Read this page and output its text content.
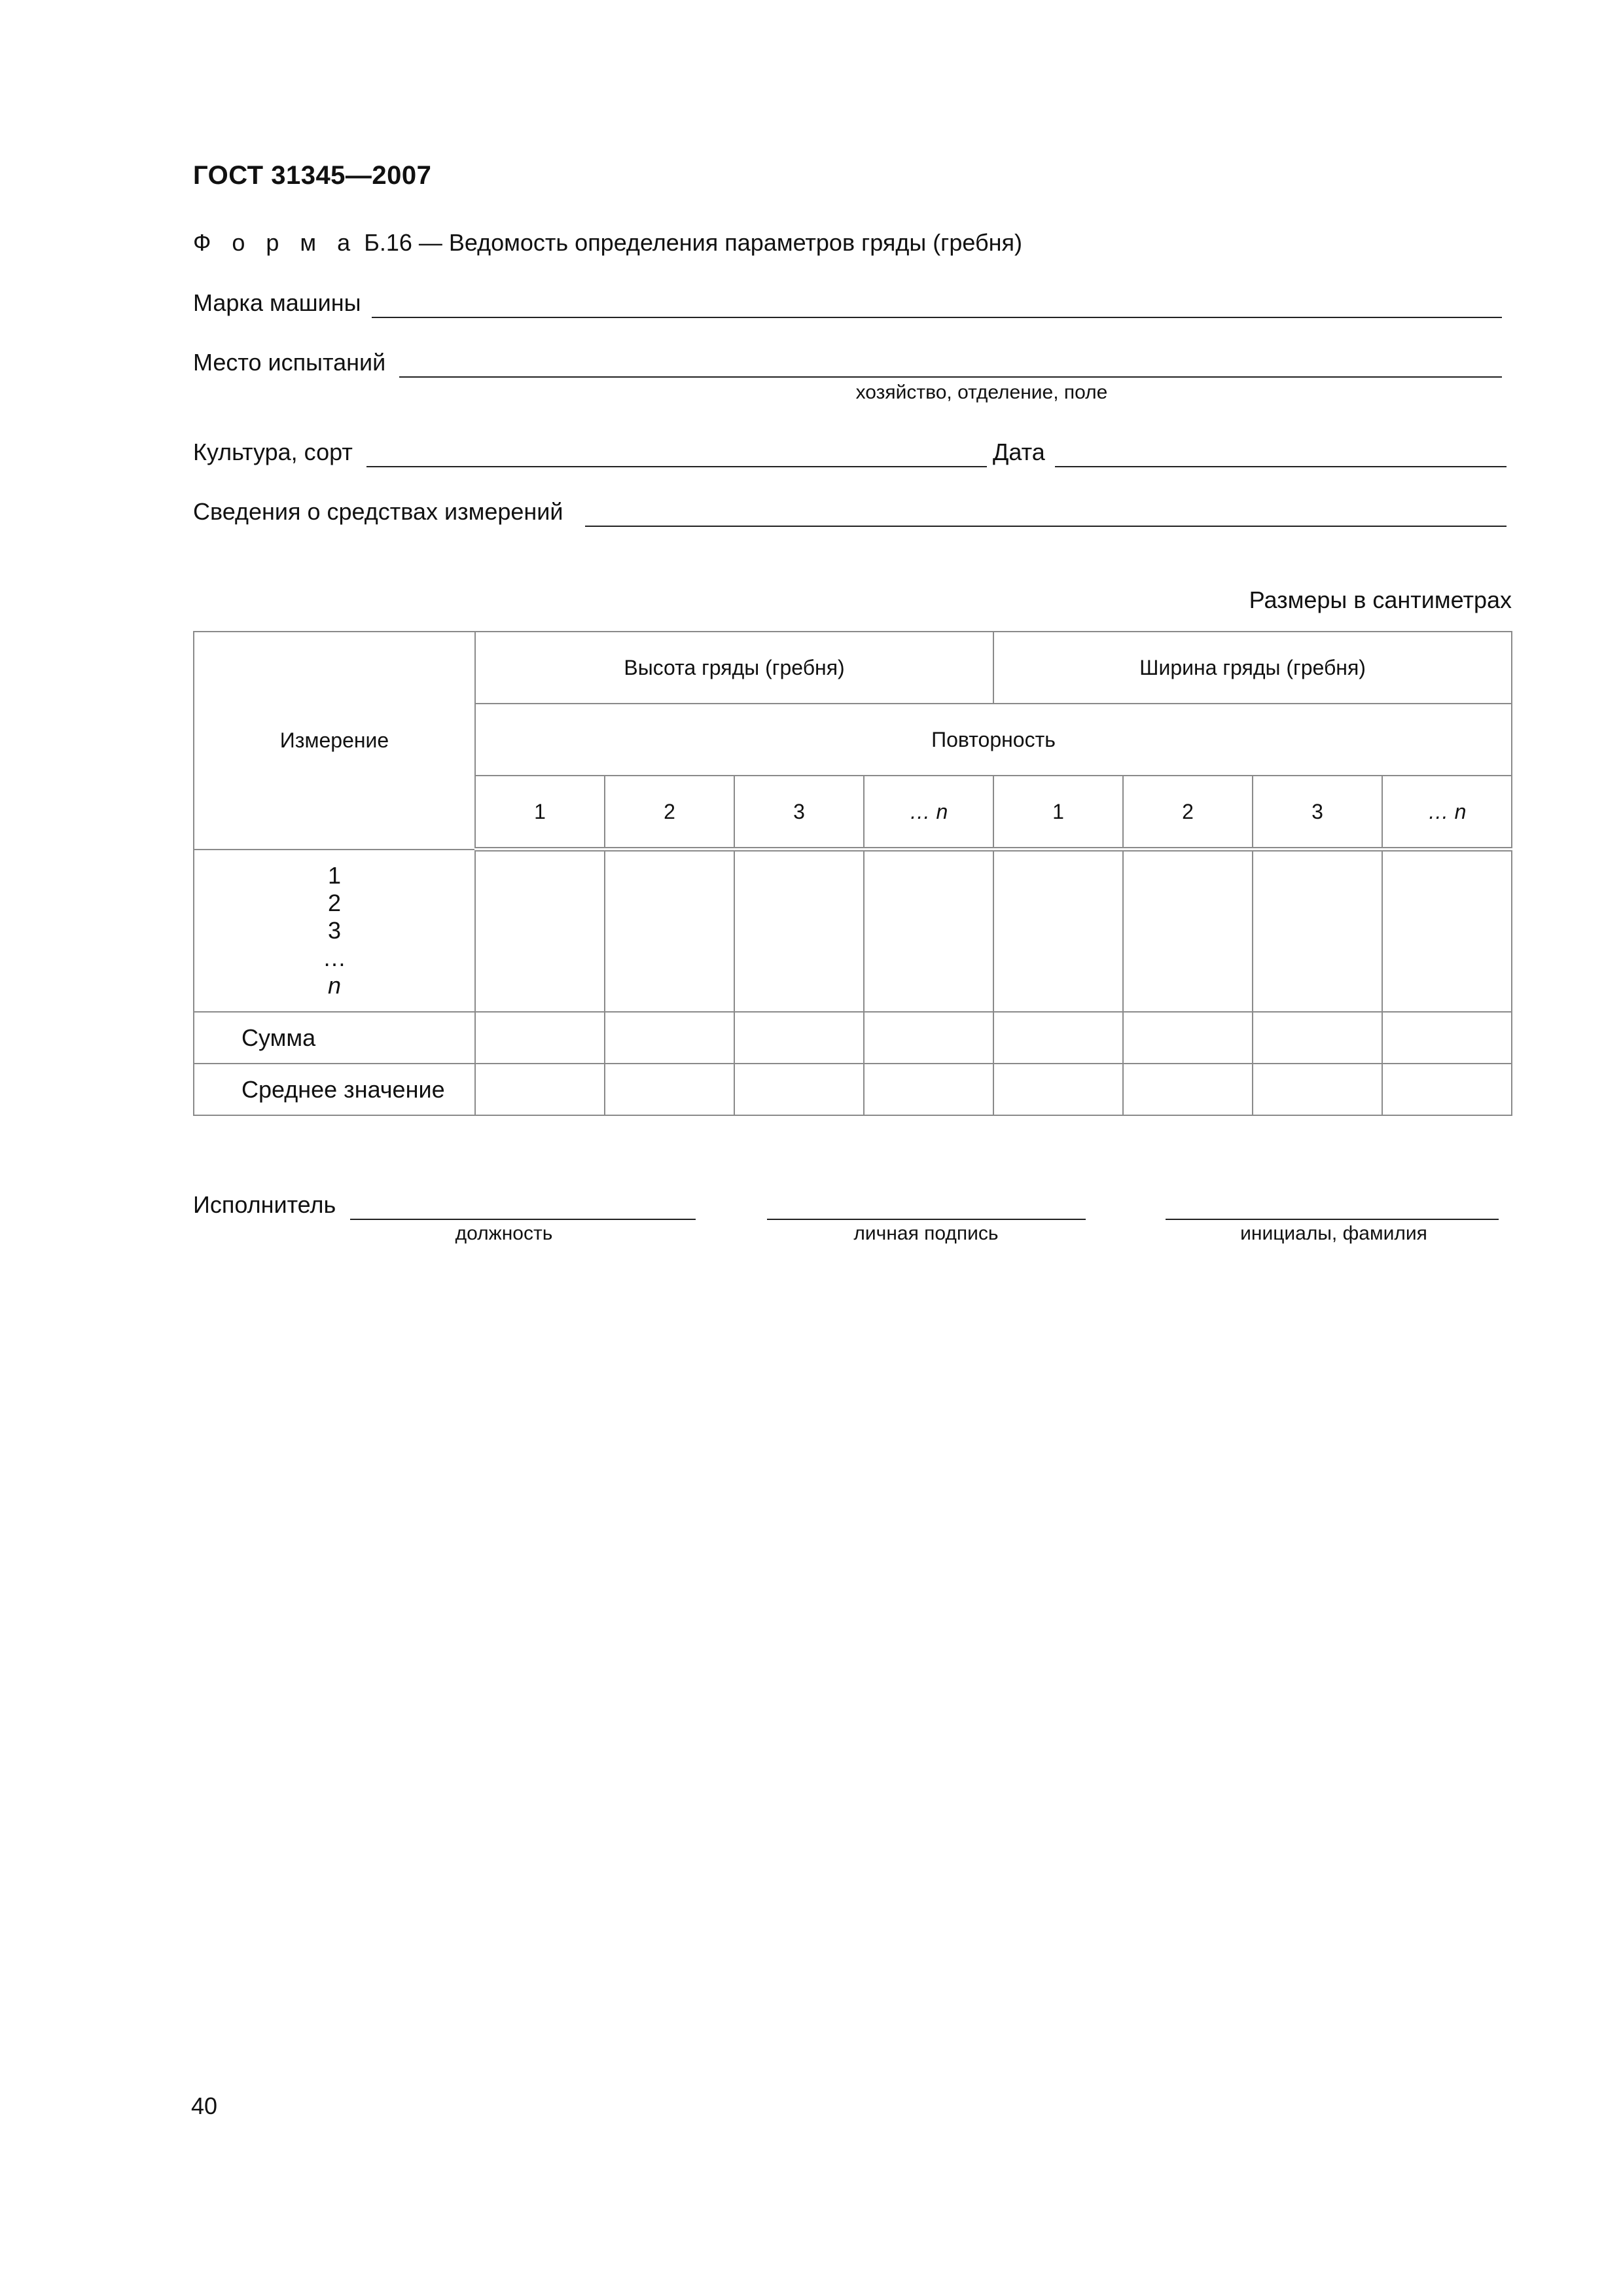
ГОСТ 31345—2007
Ф о р м а Б.16 — Ведомость определения параметров гряды (гребня)
Марка машины
Место испытаний
хозяйство, отделение, поле
Культура, сорт	Дата
Сведения о средствах измерений
Размеры в сантиметрах
Измерение	Высота гряды (гребня)				Ширина гряды (гребня)			
	Повторность							
	1	2	3	… n	1	2	3	… n

1
2
3
…
n								

Сумма								
Среднее значение								
Исполнитель
должность	личная подпись	инициалы, фамилия
40
